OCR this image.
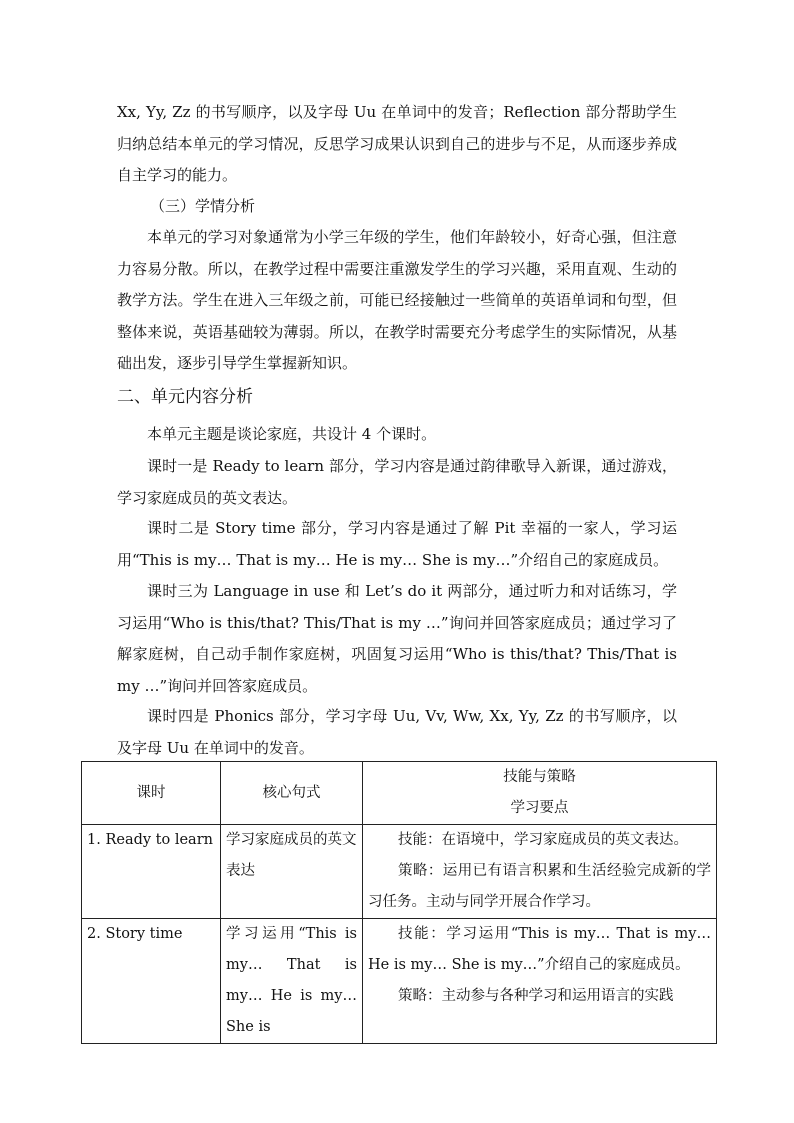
Xx, Yy, Zz 的书写顺序，以及字母 Uu 在单词中的发音；Reflection 部分帮助学生归纳总结本单元的学习情况，反思学习成果认识到自己的进步与不足，从而逐步养成自主学习的能力。

（三）学情分析

本单元的学习对象通常为小学三年级的学生，他们年龄较小，好奇心强，但注意力容易分散。所以，在教学过程中需要注重激发学生的学习兴趣，采用直观、生动的教学方法。学生在进入三年级之前，可能已经接触过一些简单的英语单词和句型，但整体来说，英语基础较为薄弱。所以，在教学时需要充分考虑学生的实际情况，从基础出发，逐步引导学生掌握新知识。

二、单元内容分析

本单元主题是谈论家庭，共设计 4 个课时。

课时一是 Ready to learn 部分，学习内容是通过韵律歌导入新课，通过游戏，学习家庭成员的英文表达。

课时二是 Story time 部分，学习内容是通过了解 Pit 幸福的一家人，学习运用“This is my… That is my… He is my… She is my…”介绍自己的家庭成员。

课时三为 Language in use 和 Let’s do it 两部分，通过听力和对话练习，学习运用“Who is this/that? This/That is my …”询问并回答家庭成员；通过学习了解家庭树，自己动手制作家庭树，巩固复习运用“Who is this/that? This/That is my …”询问并回答家庭成员。

课时四是 Phonics 部分，学习字母 Uu, Vv, Ww, Xx, Yy, Zz 的书写顺序，以及字母 Uu 在单词中的发音。

课时	核心句式	技能与策略
学习要点

1. Ready to learn	学习家庭成员的英文表达	技能：在语境中，学习家庭成员的英文表达。
策略：运用已有语言积累和生活经验完成新的学习任务。主动与同学开展合作学习。

2. Story time	学习运用“This is my… That is my… He is my… She is	技能：学习运用“This is my… That is my… He is my… She is my…”介绍自己的家庭成员。
策略：主动参与各种学习和运用语言的实践
